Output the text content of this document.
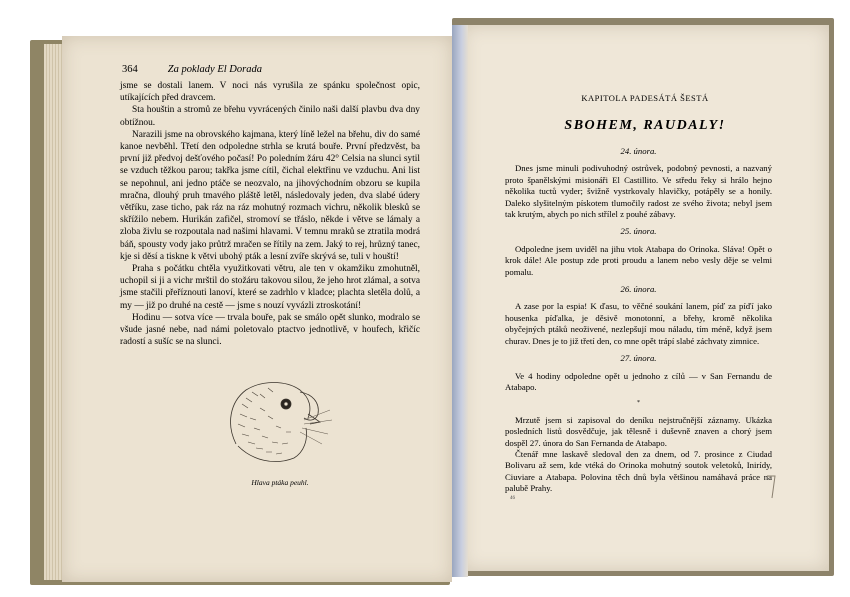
364	Za poklady El Dorada

jsme se dostali lanem. V noci nás vyrušila ze spánku společnost opic, utíkajících před dravcem.

Sta houštin a stromů ze břehu vyvrácených činilo naši další plavbu dva dny obtížnou.

Narazili jsme na obrovského kajmana, který líně ležel na břehu, div do samé kanoe nevběhl. Třetí den odpoledne strhla se krutá bouře. První předzvěst, ba první již předvoj dešťového počasí! Po poledním žáru 42° Celsia na slunci sytil se vzduch těžkou parou; takřka jsme cítil, čichal elektřinu ve vzduchu. Ani list se nepohnul, ani jedno ptáče se neozvalo, na jihovýchodním obzoru se kupila mračna, dlouhý pruh tmavého pláště letěl, následovaly jeden, dva slabé údery větříku, zase ticho, pak ráz na ráz mohutný rozmach vichru, několik blesků se skřížilo nebem. Hurikán zafičel, stromoví se třáslo, někde i větve se lámaly a zloba živlu se rozpoutala nad našimi hlavami. V temnu mraků se ztratila modrá báň, spousty vody jako průtrž mračen se řítily na zem. Jaký to rej, hrůzný tanec, kje si děsí a tiskne k větvi ubohý pták a lesní zvíře skrývá se, tuli v houští!

Praha s počátku chtěla využitkovati větru, ale ten v okamžiku zmohutněl, uchopil si ji a vichr mrštil do stožáru takovou silou, že jeho hrot zlámal, a sotva jsme stačili přeříznouti lanoví, které se zadrhlo v kladce; plachta sletěla dolů, a my — již po druhé na cestě — jsme s nouzí vyvázli ztroskotání!

Hodinu — sotva více — trvala bouře, pak se smálo opět slunko, modralo se všude jasné nebe, nad námi poletovalo ptactvo jednotlivě, v houfech, křičíc radostí a sušíc se na slunci.

Hlava ptáka peuhl.
KAPITOLA PADESÁTÁ ŠESTÁ
SBOHEM, RAUDALY!

24. února.

Dnes jsme minuli podivuhodný ostrůvek, podobný pevnosti, a nazvaný proto španělskými misionáři El Castillito. Ve středu řeky si hrálo hejno několika tuctů vyder; švižně vystrkovaly hlavičky, potápěly se a honily. Daleko slyšitelným pískotem tlumočily radost ze svého života; nebyl jsem tak krutým, abych po nich střílel z pouhé zábavy.

25. února.

Odpoledne jsem uviděl na jihu vtok Atabapa do Orinoka. Sláva! Opět o krok dále! Ale postup zde proti proudu a lanem nebo vesly děje se velmi pomalu.

26. února.

A zase por la espia! K ďasu, to věčné soukání lanem, píď za píďí jako housenka píďalka, je děsivě monotonní, a břehy, kromě několika obyčejných ptáků neoživené, nezlepšují mou náladu, tím méně, když jsem churav. Dnes je to již třetí den, co mne opět trápí slabé záchvaty zimnice.

27. února.

Ve 4 hodiny odpoledne opět u jednoho z cílů — v San Fernandu de Atabapo.

*

Mrzutě jsem si zapisoval do deníku nejstručnější záznamy. Ukázka posledních listů dosvědčuje, jak tělesně i duševně znaven a chorý jsem dospěl 27. února do San Fernanda de Atabapo.

Čtenář mne laskavě sledoval den za dnem, od 7. prosince z Ciudad Bolivaru až sem, kde vtéká do Orinoka mohutný soutok veletoků, Inirídy, Ciuviare a Atabapa. Polovina těch dnů byla většinou namáhavá práce na palubě Prahy.

46
